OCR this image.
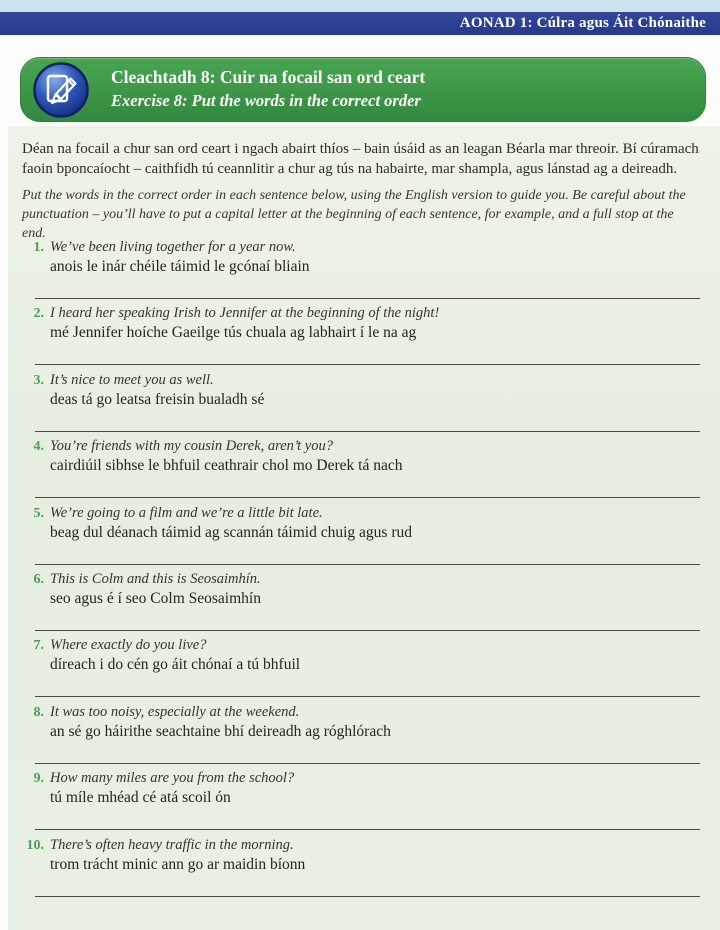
AONAD 1: Cúlra agus Áit Chónaithe
Cleachtadh 8: Cuir na focail san ord ceart
Exercise 8: Put the words in the correct order
Déan na focail a chur san ord ceart i ngach abairt thíos – bain úsáid as an leagan Béarla mar threoir. Bí cúramach faoin bponcaíocht – caithfidh tú ceannlitir a chur ag tús na habairte, mar shampla, agus lánstad ag a deireadh.
Put the words in the correct order in each sentence below, using the English version to guide you. Be careful about the punctuation – you’ll have to put a capital letter at the beginning of each sentence, for example, and a full stop at the end.
1. We’ve been living together for a year now.
anois le inár chéile táimid le gcónaí bliain
2. I heard her speaking Irish to Jennifer at the beginning of the night!
mé Jennifer hoíche Gaeilge tús chuala ag labhairt í le na ag
3. It’s nice to meet you as well.
deas tá go leatsa freisin bualadh sé
4. You’re friends with my cousin Derek, aren’t you?
cairdiúil sibhse le bhfuil ceathrair chol mo Derek tá nach
5. We’re going to a film and we’re a little bit late.
beag dul déanach táimid ag scannán táimid chuig agus rud
6. This is Colm and this is Seosaimhín.
seo agus é í seo Colm Seosaimhín
7. Where exactly do you live?
díreach i do cén go áit chónaí a tú bhfuil
8. It was too noisy, especially at the weekend.
an sé go háirithe seachtaine bhí deireadh ag róghlórach
9. How many miles are you from the school?
tú míle mhéad cé atá scoil ón
10. There’s often heavy traffic in the morning.
trom trácht minic ann go ar maidin bíonn
